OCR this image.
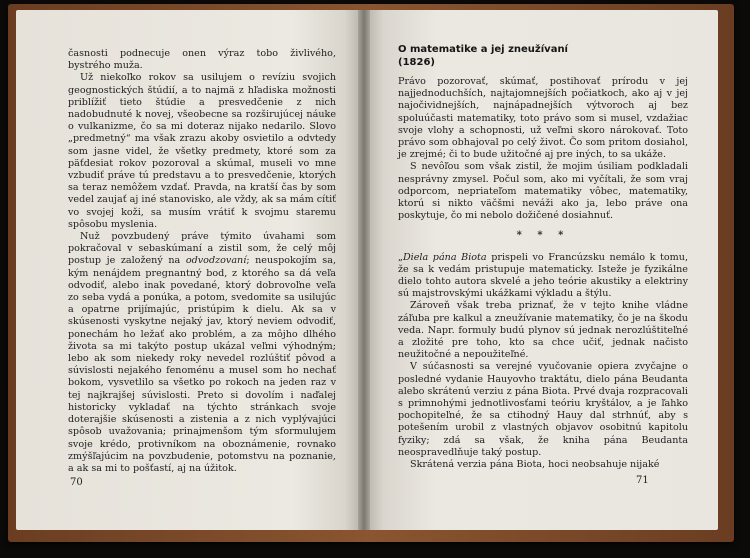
časnosti podnecuje onen výraz tobo živlivého, bystrého muža.

Už niekoľko rokov sa usilujem o revíziu svojich geognostických štúdií, a to najmä z hľadiska možnosti priblížiť tieto štúdie a presvedčenie z nich nadobudnuté k novej, všeobecne sa rozširujúcej náuke o vulkanizme, čo sa mi doteraz nijako nedarilo. Slovo „predmetný“ ma však zrazu akoby osvietilo a odvtedy som jasne videl, že všetky predmety, ktoré som za päťdesiat rokov pozoroval a skúmal, museli vo mne vzbudiť práve tú predstavu a to presvedčenie, ktorých sa teraz nemôžem vzdať. Pravda, na kratší čas by som vedel zaujať aj iné stanovisko, ale vždy, ak sa mám cítiť vo svojej koži, sa musím vrátiť k svojmu staremu spôsobu myslenia.

Nuž povzbudený práve týmito úvahami som pokračoval v sebaskúmaní a zistil som, že celý môj postup je založený na odvodzovaní; neuspokojím sa, kým nenájdem pregnantný bod, z ktorého sa dá veľa odvodiť, alebo inak povedané, ktorý dobrovoľne veľa zo seba vydá a ponúka, a potom, svedomite sa usilujúc a opatrne prijímajúc, pristúpim k dielu. Ak sa v skúsenosti vyskytne nejaký jav, ktorý neviem odvodiť, ponechám ho ležať ako problém, a za môjho dlhého života sa mi takýto postup ukázal veľmi výhodným; lebo ak som niekedy roky nevedel rozlúštiť pôvod a súvislosti nejakého fenoménu a musel som ho nechať bokom, vysvetlilo sa všetko po rokoch na jeden raz v tej najkrajšej súvislosti. Preto si dovolím i naďalej historicky vykladať na týchto stránkach svoje doterajšie skúsenosti a zistenia a z nich vyplývajúci spôsob uvažovania; prinajmenšom tým sformulujem svoje krédo, protivníkom na oboznámenie, rovnako zmýšľajúcim na povzbudenie, potomstvu na poznanie, a ak sa mi to pošťastí, aj na úžitok.

70
O matematike a jej zneužívaní
(1826)

Právo pozorovať, skúmať, postihovať prírodu v jej najjednoduchších, najtajomnejších počiatkoch, ako aj v jej najočividnejších, najnápadnejších výtvoroch aj bez spoluúčasti matematiky, toto právo som si musel, vzdažiac svoje vlohy a schopnosti, už veľmi skoro nárokovať. Toto právo som obhajoval po celý život. Čo som pritom dosiahol, je zrejmé; či to bude užitočné aj pre iných, to sa ukáže.

S nevôľou som však zistil, že mojim úsiliam podkladali nesprávny zmysel. Počul som, ako mi vyčítali, že som vraj odporcom, nepriateľom matematiky vôbec, matematiky, ktorú si nikto väčšmi neváži ako ja, lebo práve ona poskytuje, čo mi nebolo dožičené dosiahnuť.

* * *

„Diela pána Biota prispeli vo Francúzsku nemálo k tomu, že sa k vedám pristupuje matematicky. Isteže je fyzikálne dielo tohto autora skvelé a jeho teórie akustiky a elektriny sú majstrovskými ukážkami výkladu a štýlu.

Zároveň však treba priznať, že v tejto knihe vládne záľuba pre kalkul a zneužívanie matematiky, čo je na škodu veda. Napr. formuly budú plynov sú jednak nerozlúštiteľné a zložité pre toho, kto sa chce učiť, jednak načisto neužitočné a nepoužiteľné.

V súčasnosti sa verejné vyučovanie opiera zvyčajne o posledné vydanie Hauyovho traktátu, dielo pána Beudanta alebo skrátenú verziu z pána Biota. Prvé dvaja rozpracovali s primnohými jednotlivosťami teóriu kryštálov, a je ľahko pochopiteľné, že sa ctihodný Hauy dal strhnúť, aby s potešením urobil z vlastných objavov osobitnú kapitolu fyziky; zdá sa však, že kniha pána Beudanta neospravedlňuje taký postup.

Skrátená verzia pána Biota, hoci neobsahuje nijaké

71
